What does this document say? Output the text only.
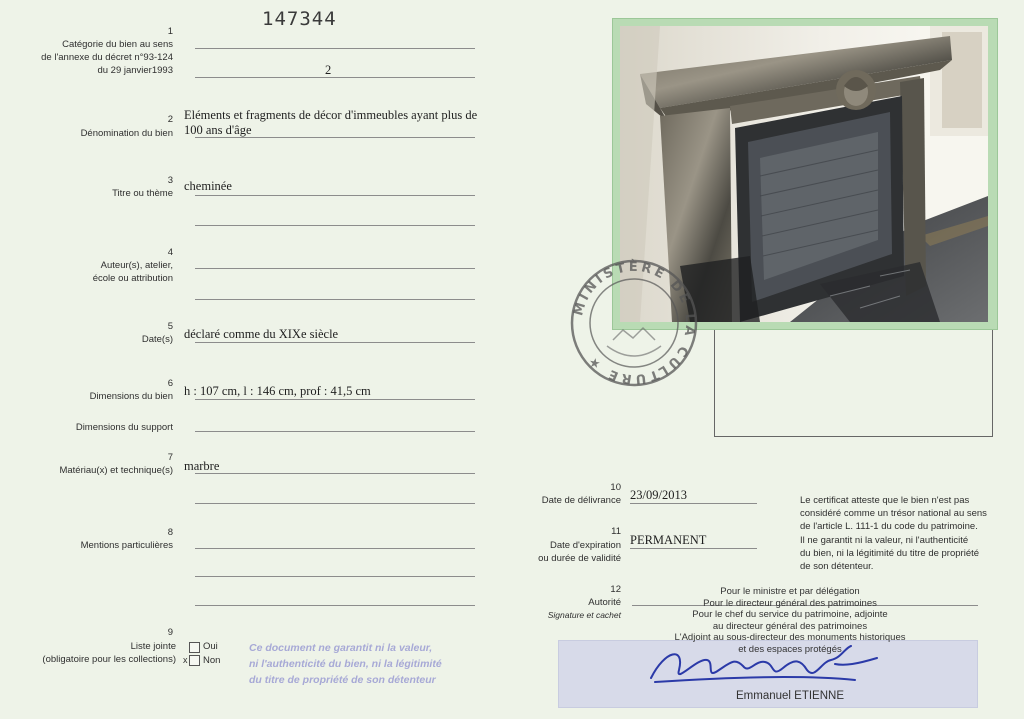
147344
1
Catégorie du bien au sens
de l'annexe du décret n°93-124
du 29 janvier1993	2
2
Dénomination du bien
Eléments et fragments de décor d'immeubles ayant plus de
100 ans d'âge
3
Titre ou thème
cheminée
4
Auteur(s), atelier,
école ou attribution
5
Date(s) déclaré comme du XIXe siècle
6
Dimensions du bien h : 107 cm, l : 146 cm, prof : 41,5 cm
Dimensions du support
7
Matériau(x) et technique(s) marbre
8
Mentions particulières
9
Liste jointe
(obligatoire pour les collections)
Oui
x Non
Ce document ne garantit ni la valeur,
ni l'authenticité du bien, ni la légitimité
du titre de propriété de son détenteur
MINISTÈRE DE LA CULTURE ★
10
Date de délivrance 23/09/2013
11
Date d'expiration
ou durée de validité
PERMANENT
Le certificat atteste que le bien n'est pas
considéré comme un trésor national au sens
de l'article L. 111-1 du code du patrimoine.
Il ne garantit ni la valeur, ni l'authenticité
du bien, ni la légitimité du titre de propriété
de son détenteur.
12
Autorité
Signature et cachet
Pour le ministre et par délégation
Pour le directeur général des patrimoines
Pour le chef du service du patrimoine, adjointe
au directeur général des patrimoines
L'Adjoint au sous-directeur des monuments historiques
et des espaces protégés
Emmanuel ETIENNE
